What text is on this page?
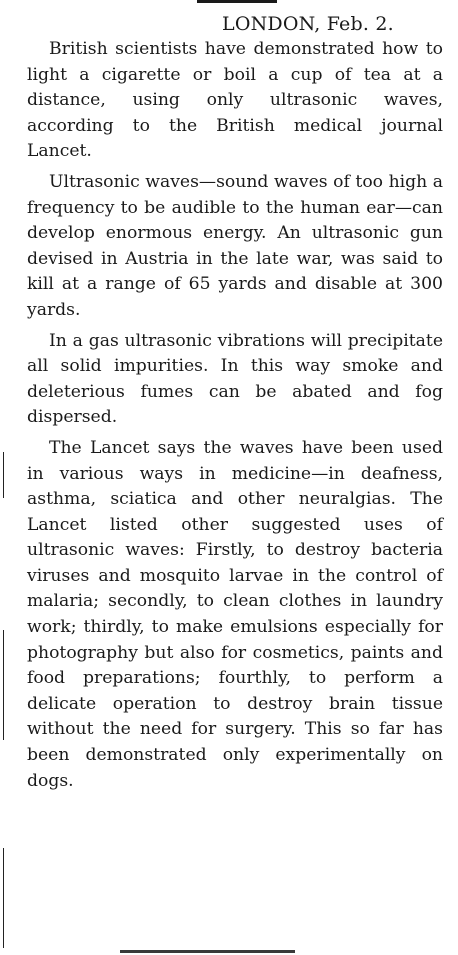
LONDON, Feb. 2.

British scientists have demonstrated how to light a cigarette or boil a cup of tea at a distance, using only ultrasonic waves, according to the British medical journal Lancet.

Ultrasonic waves—sound waves of too high a frequency to be audible to the human ear—can develop enormous energy. An ultrasonic gun devised in Austria in the late war, was said to kill at a range of 65 yards and disable at 300 yards.

In a gas ultrasonic vibrations will precipitate all solid impurities. In this way smoke and deleterious fumes can be abated and fog dispersed.

The Lancet says the waves have been used in various ways in medicine—in deafness, asthma, sciatica and other neuralgias. The Lancet listed other suggested uses of ultrasonic waves: Firstly, to destroy bacteria viruses and mosquito larvae in the control of malaria; secondly, to clean clothes in laundry work; thirdly, to make emulsions especially for photography but also for cosmetics, paints and food preparations; fourthly, to perform a delicate operation to destroy brain tissue without the need for surgery. This so far has been demonstrated only experimentally on dogs.
